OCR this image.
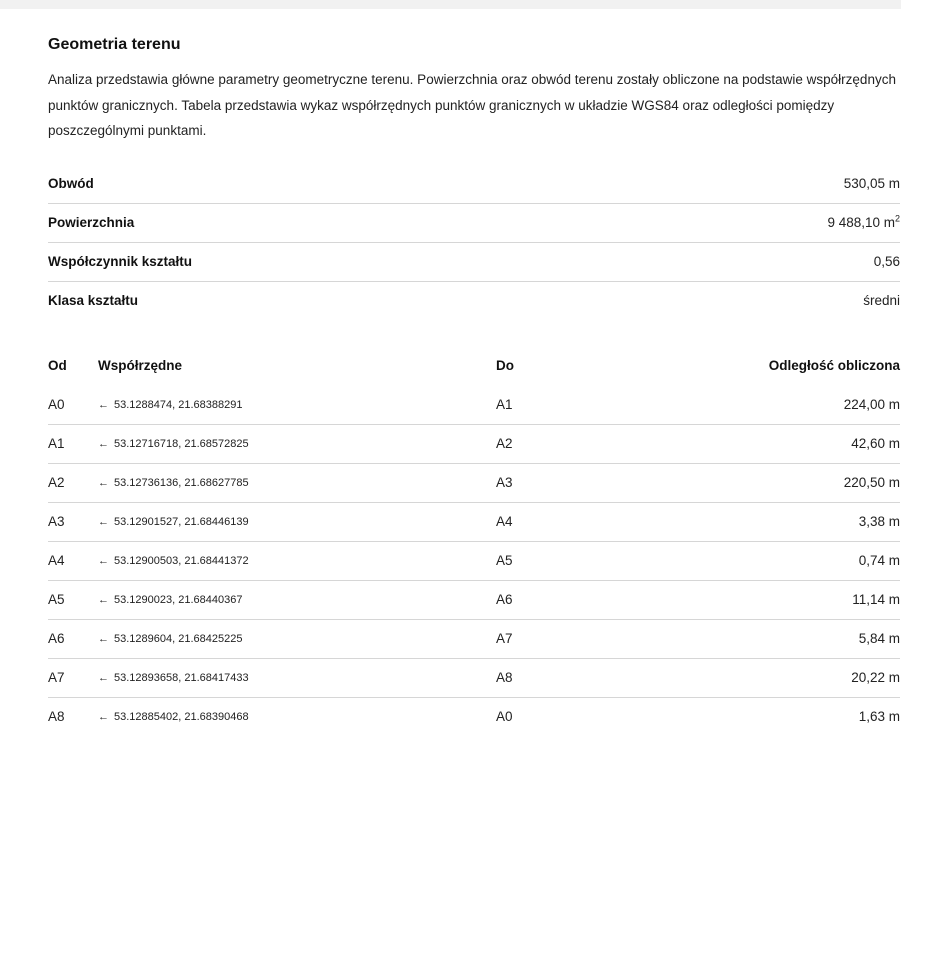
Geometria terenu

Analiza przedstawia główne parametry geometryczne terenu. Powierzchnia oraz obwód terenu zostały obliczone na podstawie współrzędnych punktów granicznych. Tabela przedstawia wykaz współrzędnych punktów granicznych w układzie WGS84 oraz odległości pomiędzy poszczególnymi punktami.

Obwód	530,05 m
Powierzchnia	9 488,10 $m^2$
Współczynnik kształtu	0,56
Klasa kształtu	średni
Od	Współrzędne	Do	Odległość obliczona
A0	← 53.1288474, 21.68388291	A1	224,00 m
A1	← 53.12716718, 21.68572825	A2	42,60 m
A2	← 53.12736136, 21.68627785	A3	220,50 m
A3	← 53.12901527, 21.68446139	A4	3,38 m
A4	← 53.12900503, 21.68441372	A5	0,74 m
A5	← 53.1290023, 21.68440367	A6	11,14 m
A6	← 53.1289604, 21.68425225	A7	5,84 m
A7	← 53.12893658, 21.68417433	A8	20,22 m
A8	← 53.12885402, 21.68390468	A0	1,63 m
